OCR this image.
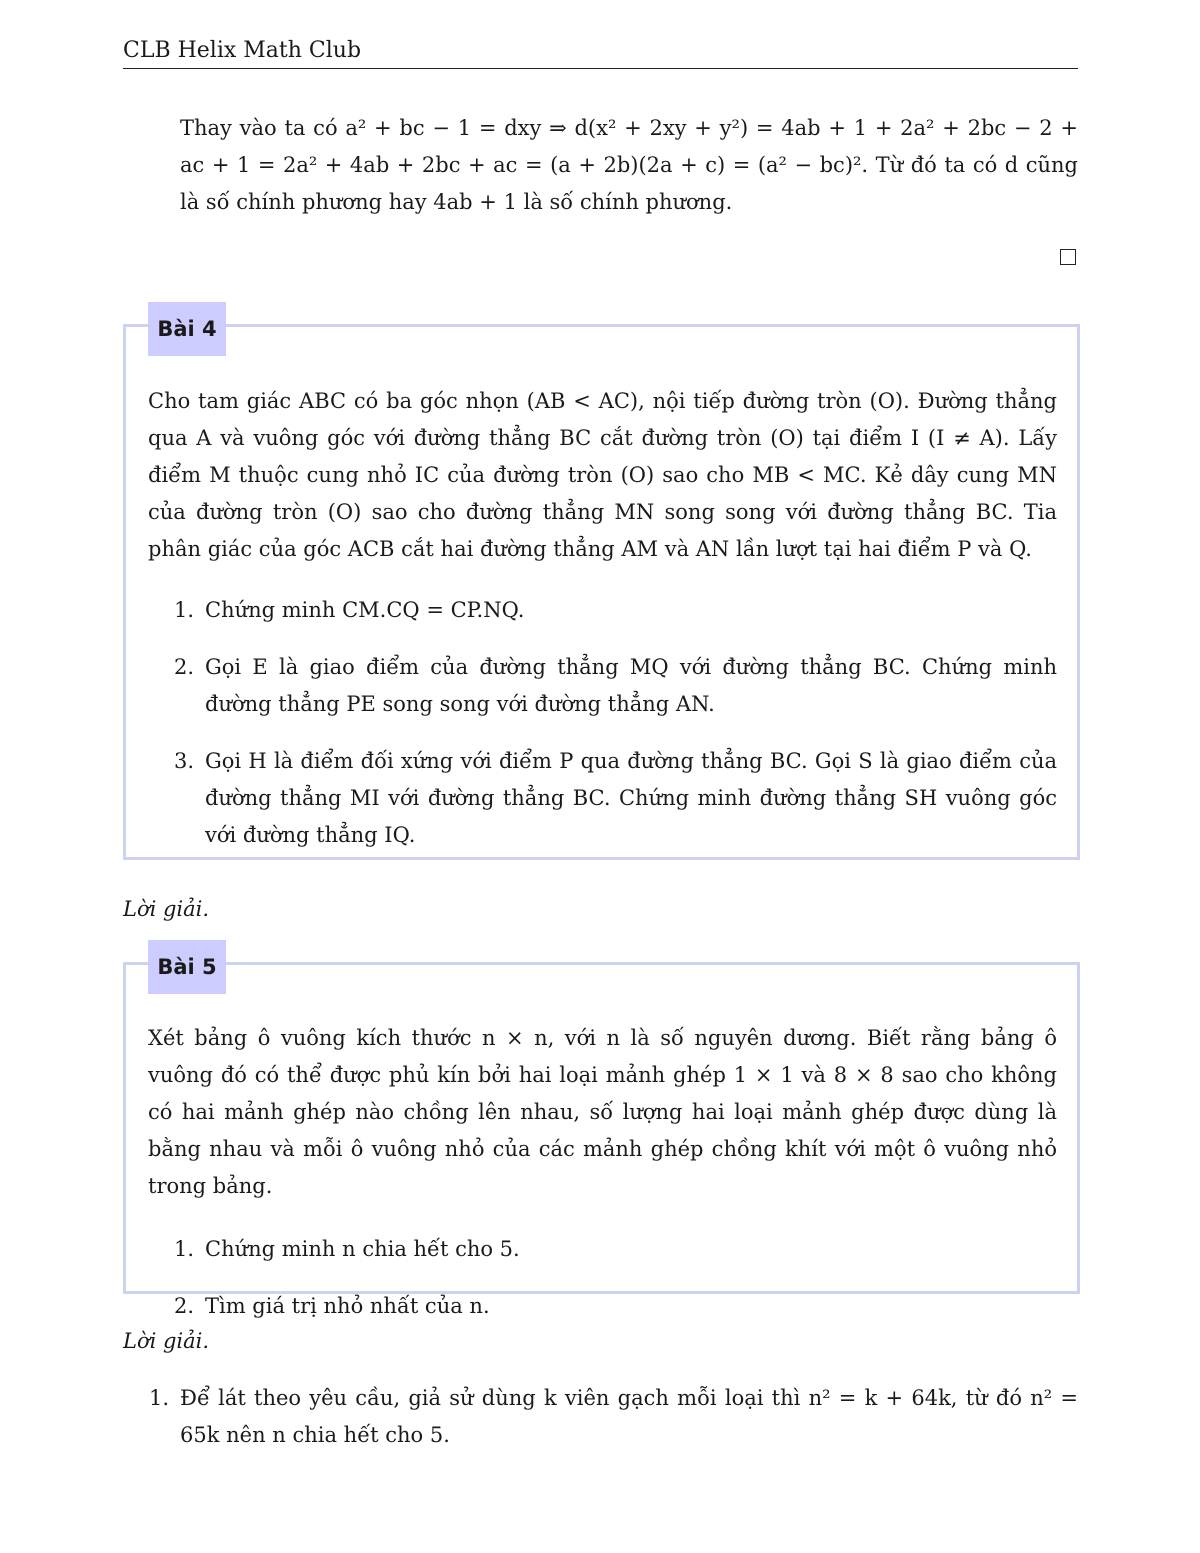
CLB Helix Math Club

Thay vào ta có a² + bc − 1 = dxy ⇒ d(x² + 2xy + y²) = 4ab + 1 + 2a² + 2bc − 2 + ac + 1 = 2a² + 4ab + 2bc + ac = (a + 2b)(2a + c) = (a² − bc)². Từ đó ta có d cũng là số chính phương hay 4ab + 1 là số chính phương.

Bài 4

Cho tam giác ABC có ba góc nhọn (AB < AC), nội tiếp đường tròn (O). Đường thẳng qua A và vuông góc với đường thẳng BC cắt đường tròn (O) tại điểm I (I ≠ A). Lấy điểm M thuộc cung nhỏ IC của đường tròn (O) sao cho MB < MC. Kẻ dây cung MN của đường tròn (O) sao cho đường thẳng MN song song với đường thẳng BC. Tia phân giác của góc ACB cắt hai đường thẳng AM và AN lần lượt tại hai điểm P và Q.

1. Chứng minh CM.CQ = CP.NQ.
2. Gọi E là giao điểm của đường thẳng MQ với đường thẳng BC. Chứng minh đường thẳng PE song song với đường thẳng AN.
3. Gọi H là điểm đối xứng với điểm P qua đường thẳng BC. Gọi S là giao điểm của đường thẳng MI với đường thẳng BC. Chứng minh đường thẳng SH vuông góc với đường thẳng IQ.
Lời giải.
Bài 5

Xét bảng ô vuông kích thước n × n, với n là số nguyên dương. Biết rằng bảng ô vuông đó có thể được phủ kín bởi hai loại mảnh ghép 1 × 1 và 8 × 8 sao cho không có hai mảnh ghép nào chồng lên nhau, số lượng hai loại mảnh ghép được dùng là bằng nhau và mỗi ô vuông nhỏ của các mảnh ghép chồng khít với một ô vuông nhỏ trong bảng.

1. Chứng minh n chia hết cho 5.
2. Tìm giá trị nhỏ nhất của n.
Lời giải.
1. Để lát theo yêu cầu, giả sử dùng k viên gạch mỗi loại thì n² = k + 64k, từ đó n² = 65k nên n chia hết cho 5.
